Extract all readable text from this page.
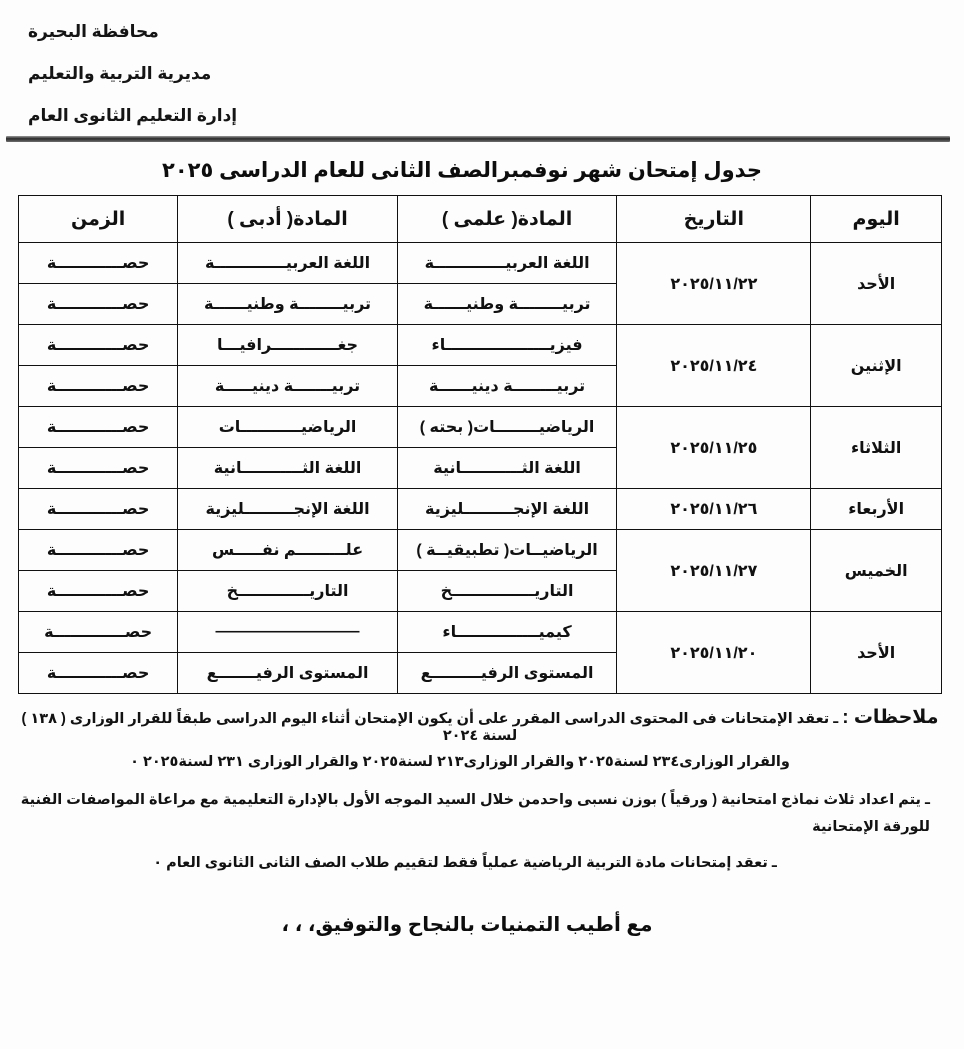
محافظة البحيرة
مديرية التربية والتعليم
إدارة التعليم الثانوى العام
جدول إمتحان شهر نوفمبرالصف الثانى للعام الدراسى ٢٠٢٥
اليوم	التاريخ	المادة( علمى )	المادة( أدبى )	الزمن
الأحد	٢٠٢٥/١١/٢٢	اللغة العربيـــــــــــــة	اللغة العربيـــــــــــــة	حصــــــــــــة
		تربيــــــــة وطنيــــــة	تربيــــــــة وطنيــــــة	حصــــــــــــة
الإثنين	٢٠٢٥/١١/٢٤	فيزيـــــــــــــــــــاء	جغــــــــــــرافيـــا	حصــــــــــــة
		تربيــــــــة دينيــــــة	تربيـــــــة دينيـــــة	حصــــــــــــة
الثلاثاء	٢٠٢٥/١١/٢٥	الرياضيــــــــات( بحته )	الرياضيـــــــــــات	حصــــــــــــة
		اللغة الثـــــــــــانية	اللغة الثـــــــــــانية	حصــــــــــــة
الأربعاء	٢٠٢٥/١١/٢٦	اللغة الإنجـــــــــليزية	اللغة الإنجـــــــــليزية	حصــــــــــــة
الخميس	٢٠٢٥/١١/٢٧	الرياضيــات( تطبيقيــة )	علـــــــــم نفـــــس	حصــــــــــــة
		التاريـــــــــــــــخ	التاريـــــــــــــخ	حصــــــــــــة
الأحد	٢٠٢٥/١١/٢٠	كيميـــــــــــــــاء	—————————	حصـــــــــــــة
		المستوى الرفيـــــــــع	المستوى الرفيـــــــع	حصــــــــــــة

ملاحظات : ـ تعقد الإمتحانات فى المحتوى الدراسى المقرر على أن يكون الإمتحان أثناء اليوم الدراسى طبقاً للقرار الوزارى ( ١٣٨ ) لسنة ٢٠٢٤

والقرار الوزارى٢٣٤ لسنة٢٠٢٥ والقرار الوزارى٢١٣ لسنة٢٠٢٥ والقرار الوزارى ٢٣١ لسنة٢٠٢٥ ٠

ـ يتم اعداد ثلاث نماذج امتحانية ( ورقياً ) بوزن نسبى واحدمن خلال السيد الموجه الأول بالإدارة التعليمية مع مراعاة المواصفات الفنية للورقة الإمتحانية

ـ تعقد إمتحانات مادة التربية الرياضية عملياً فقط لتقييم طلاب الصف الثانى الثانوى العام ٠

مع أطيب التمنيات بالنجاح والتوفيق، ، ،
